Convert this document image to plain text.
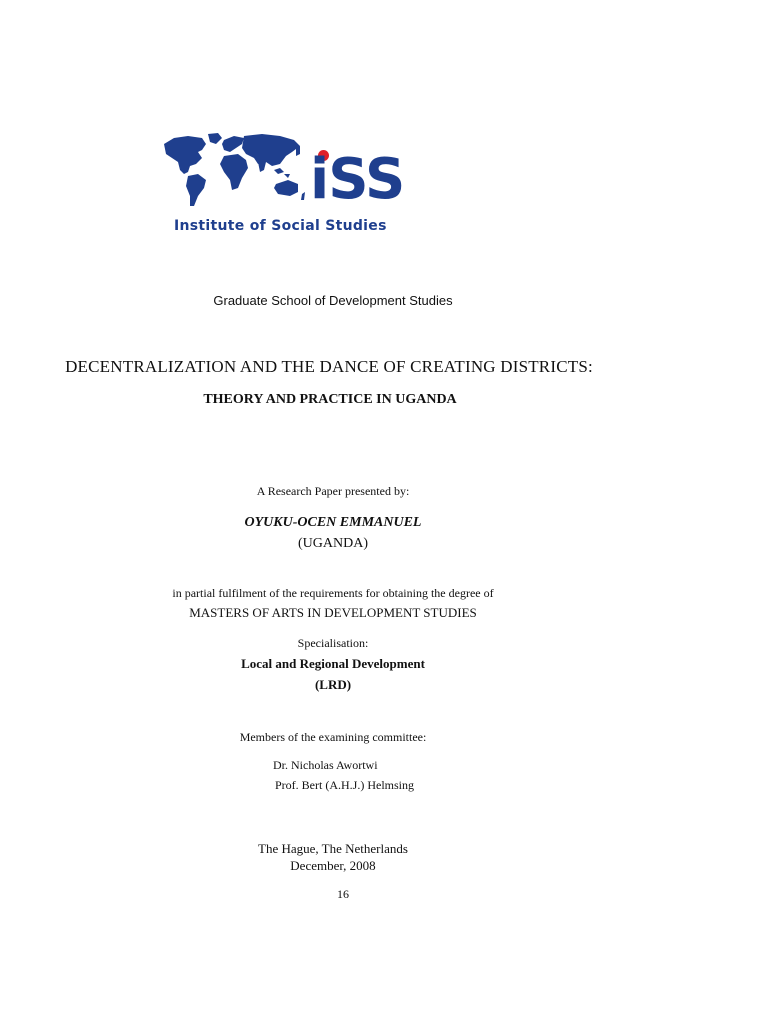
iSS
Institute of Social Studies
Graduate School of Development Studies
DECENTRALIZATION AND THE DANCE OF CREATING DISTRICTS:
THEORY AND PRACTICE IN UGANDA
A Research Paper presented by:
OYUKU-OCEN EMMANUEL
(UGANDA)
in partial fulfilment of the requirements for obtaining the degree of
MASTERS OF ARTS IN DEVELOPMENT STUDIES
Specialisation:
Local and Regional Development
(LRD)
Members of the examining committee:
Dr. Nicholas Awortwi
Prof. Bert (A.H.J.) Helmsing
The Hague, The Netherlands
December, 2008
16
